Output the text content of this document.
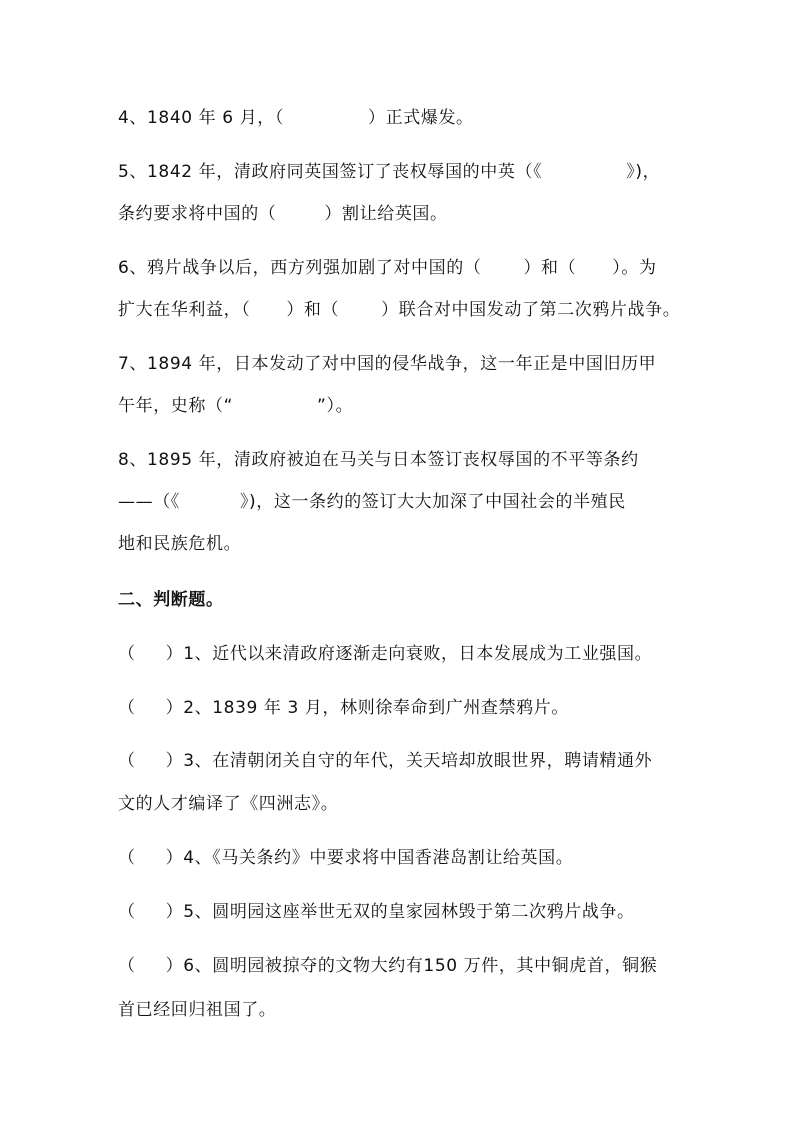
4、1840 年 6 月，（              ）正式爆发。
5、1842 年，清政府同英国签订了丧权辱国的中英（《              》)，
条约要求将中国的（        ）割让给英国。
6、鸦片战争以后，西方列强加剧了对中国的（       ）和（      ）。为
扩大在华利益，（      ）和（       ）联合对中国发动了第二次鸦片战争。
7、1894 年，日本发动了对中国的侵华战争，这一年正是中国旧历甲
午年，史称（“              ”）。
8、1895 年，清政府被迫在马关与日本签订丧权辱国的不平等条约
——（《          》)，这一条约的签订大大加深了中国社会的半殖民
地和民族危机。
二、判断题。
（     ）1、近代以来清政府逐渐走向衰败，日本发展成为工业强国。
（     ）2、1839 年 3 月，林则徐奉命到广州查禁鸦片。
（     ）3、在清朝闭关自守的年代，关天培却放眼世界，聘请精通外
文的人才编译了《四洲志》。
（     ）4、《马关条约》中要求将中国香港岛割让给英国。
（     ）5、圆明园这座举世无双的皇家园林毁于第二次鸦片战争。
（     ）6、圆明园被掠夺的文物大约有150 万件，其中铜虎首，铜猴
首已经回归祖国了。
